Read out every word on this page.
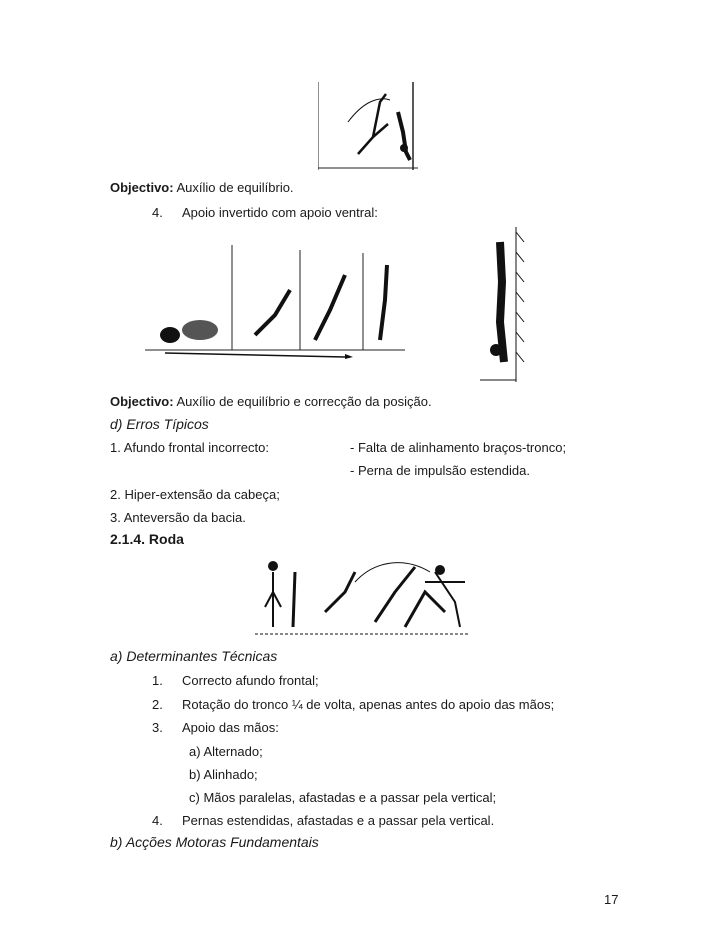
Objectivo: Auxílio de equilíbrio.
4. Apoio invertido com apoio ventral:
Objectivo: Auxílio de equilíbrio e correcção da posição.
d) Erros Típicos
1. Afundo frontal incorrecto:	- Falta de alinhamento braços-tronco;
- Perna de impulsão estendida.
2. Hiper-extensão da cabeça;
3. Anteversão da bacia.
2.1.4. Roda
a) Determinantes Técnicas
1. Correcto afundo frontal;
2. Rotação do tronco ¼ de volta, apenas antes do apoio das mãos;
3. Apoio das mãos:
a) Alternado;
b) Alinhado;
c) Mãos paralelas, afastadas e a passar pela vertical;
4. Pernas estendidas, afastadas e a passar pela vertical.
b) Acções Motoras Fundamentais
17
